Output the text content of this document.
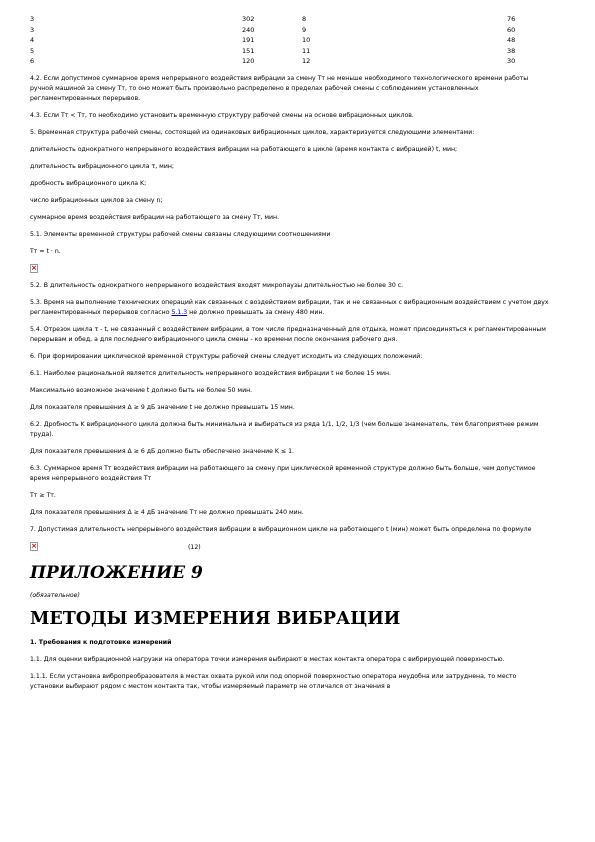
3	302	8	76
3	240	9	60
4	191	10	48
5	151	11	38
6	120	12	30

4.2. Если допустимое суммарное время непрерывного воздействия вибрации за смену Тт не меньше необходимого технологического времени работы ручной машиной за смену Тт, то оно может быть произвольно распределено в пределах рабочей смены с соблюдением установленных регламентированных перерывов.

4.3. Если Тт < Тт, то необходимо установить временную структуру рабочей смены на основе вибрационных циклов.

5. Временная структура рабочей смены, состоящей из одинаковых вибрационных циклов, характеризуется следующими элементами:

длительность однократного непрерывного воздействия вибрации на работающего в цикле (время контакта с вибрацией) t, мин;

длительность вибрационного цикла τ, мин;

дробность вибрационного цикла K;

число вибрационных циклов за смену n;

суммарное время воздействия вибрации на работающего за смену Тт, мин.

5.1. Элементы временной структуры рабочей смены связаны следующими соотношениями

Тт = t · n.

×

5.2. В длительность однократного непрерывного воздействия входят микропаузы длительностью не более 30 с.

5.3. Время на выполнение технических операций как связанных с воздействием вибрации, так и не связанных с вибрационным воздействием с учетом двух регламентированных перерывов согласно 5.1.3 не должно превышать за смену 480 мин.

5.4. Отрезок цикла τ - t, не связанный с воздействием вибрации, в том числе предназначенный для отдыха, может присоединяться к регламентированным перерывам и обед, а для последнего вибрационного цикла смены - ко времени после окончания рабочего дня.

6. При формировании циклической временной структуры рабочей смены следует исходить из следующих положений:

6.1. Наиболее рациональной является длительность непрерывного воздействия вибрации t не более 15 мин.

Максимально возможное значение t должно быть не более 50 мин.

Для показателя превышения Δ ≥ 9 дБ значение t не должно превышать 15 мин.

6.2. Дробность K вибрационного цикла должна быть минимальна и выбираться из ряда 1/1, 1/2, 1/3 (чем больше знаменатель, тем благоприятнее режим труда).

Для показателя превышения Δ ≥ 6 дБ должно быть обеспечено значение K ≤ 1.

6.3. Суммарное время Тт воздействия вибрации на работающего за смену при циклической временной структуре должно быть больше, чем допустимое время непрерывного воздействия Тт

Тт ≥ Тт.

Для показателя превышения Δ ≥ 4 дБ значение Тт не должно превышать 240 мин.

7. Допустимая длительность непрерывного воздействия вибрации в вибрационном цикле на работающего t (мин) может быть определена по формуле

×	(12)

ПРИЛОЖЕНИЕ 9

(обязательное)

МЕТОДЫ ИЗМЕРЕНИЯ ВИБРАЦИИ

1. Требования к подготовке измерений

1.1. Для оценки вибрационной нагрузки на оператора точки измерения выбирают в местах контакта оператора с вибрирующей поверхностью.

1.1.1. Если установка вибропреобразователя в местах охвата рукой или под опорной поверхностью оператора неудобна или затруднена, то место установки выбирают рядом с местом контакта так, чтобы измеряемый параметр не отличался от значения в
